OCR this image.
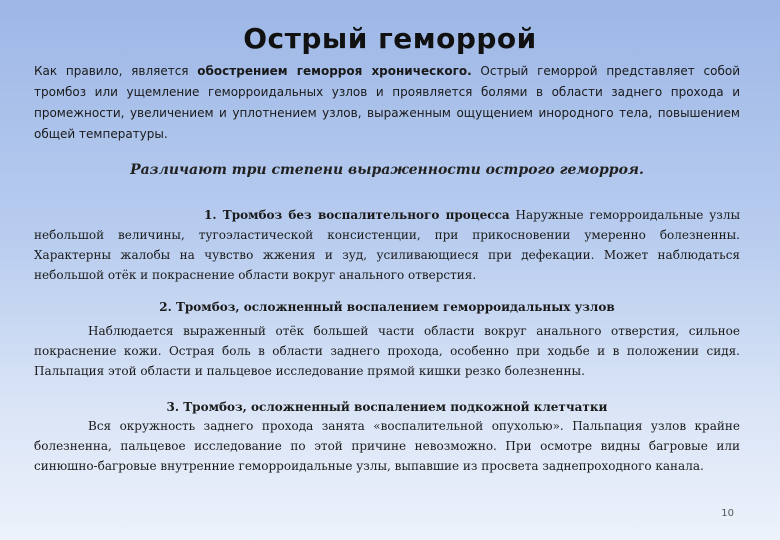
Острый геморрой

Как правило, является обострением геморроя хронического. Острый геморрой представляет собой тромбоз или ущемление геморроидальных узлов и проявляется болями в области заднего прохода и промежности, увеличением и уплотнением узлов, выраженным ощущением инородного тела, повышением общей температуры.

Различают три степени выраженности острого геморроя.

1. Тромбоз без воспалительного процесса Наружные геморроидальные узлы небольшой величины, тугоэластической консистенции, при прикосновении умеренно болезненны. Характерны жалобы на чувство жжения и зуд, усиливающиеся при дефекации. Может наблюдаться небольшой отёк и покраснение области вокруг анального отверстия.

2. Тромбоз, осложненный воспалением геморроидальных узлов

Наблюдается выраженный отёк большей части области вокруг анального отверстия, сильное покраснение кожи. Острая боль в области заднего прохода, особенно при ходьбе и в положении сидя. Пальпация этой области и пальцевое исследование прямой кишки резко болезненны.

3. Тромбоз, осложненный воспалением подкожной клетчатки

Вся окружность заднего прохода занята «воспалительной опухолью». Пальпация узлов крайне болезненна, пальцевое исследование по этой причине невозможно. При осмотре видны багровые или синюшно-багровые внутренние геморроидальные узлы, выпавшие из просвета заднепроходного канала.

10
